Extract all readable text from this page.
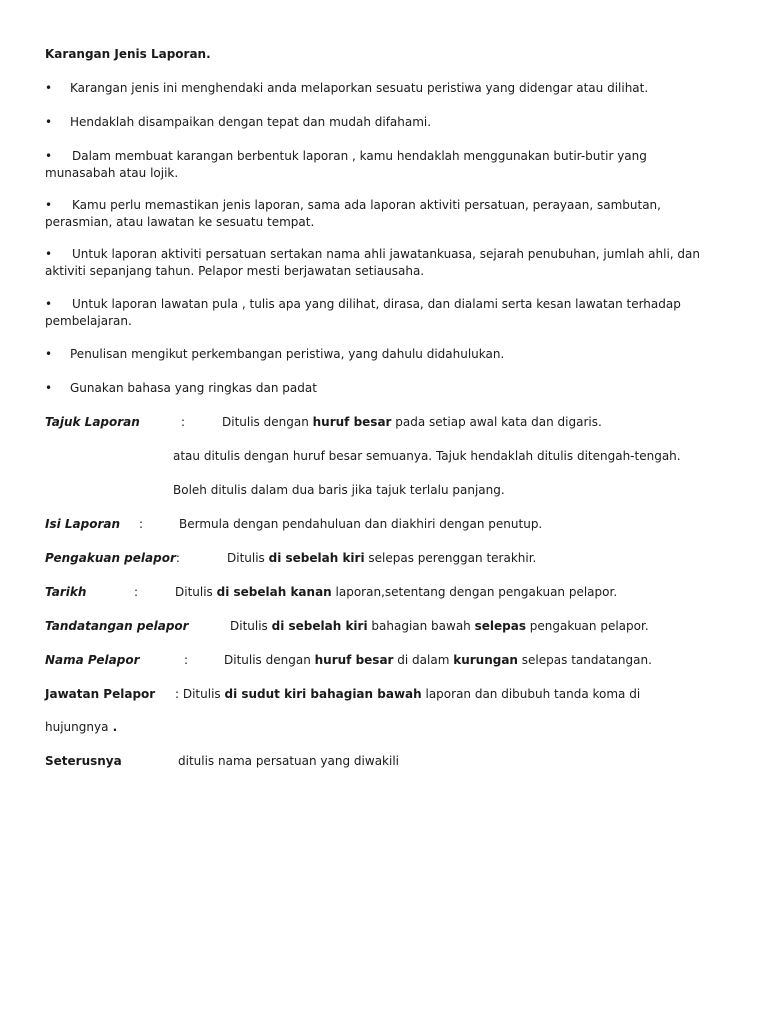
Karangan Jenis Laporan.
• Karangan jenis ini menghendaki anda melaporkan sesuatu peristiwa yang didengar atau dilihat.
• Hendaklah disampaikan dengan tepat dan mudah difahami.
• Dalam membuat karangan berbentuk laporan , kamu hendaklah menggunakan butir-butir yang munasabah atau lojik.
• Kamu perlu memastikan jenis laporan, sama ada laporan aktiviti persatuan, perayaan, sambutan, perasmian, atau lawatan ke sesuatu tempat.
• Untuk laporan aktiviti persatuan sertakan nama ahli jawatankuasa, sejarah penubuhan, jumlah ahli, dan aktiviti sepanjang tahun. Pelapor mesti berjawatan setiausaha.
• Untuk laporan lawatan pula , tulis apa yang dilihat, dirasa, dan dialami serta kesan lawatan terhadap pembelajaran.
• Penulisan mengikut perkembangan peristiwa, yang dahulu didahulukan.
• Gunakan bahasa yang ringkas dan padat
Tajuk Laporan	:	Ditulis dengan huruf besar pada setiap awal kata dan digaris.
atau ditulis dengan huruf besar semuanya. Tajuk hendaklah ditulis ditengah-tengah.
Boleh ditulis dalam dua baris jika tajuk terlalu panjang.
Isi Laporan :	Bermula dengan pendahuluan dan diakhiri dengan penutup.
Pengakuan pelapor:	Ditulis di sebelah kiri selepas perenggan terakhir.
Tarikh	:	Ditulis di sebelah kanan laporan,setentang dengan pengakuan pelapor.
Tandatangan pelapor	Ditulis di sebelah kiri bahagian bawah selepas pengakuan pelapor.
Nama Pelapor	:	Ditulis dengan huruf besar di dalam kurungan selepas tandatangan.
Jawatan Pelapor : Ditulis di sudut kiri bahagian bawah laporan dan dibubuh tanda koma di
hujungnya .
Seterusnya	ditulis nama persatuan yang diwakili
